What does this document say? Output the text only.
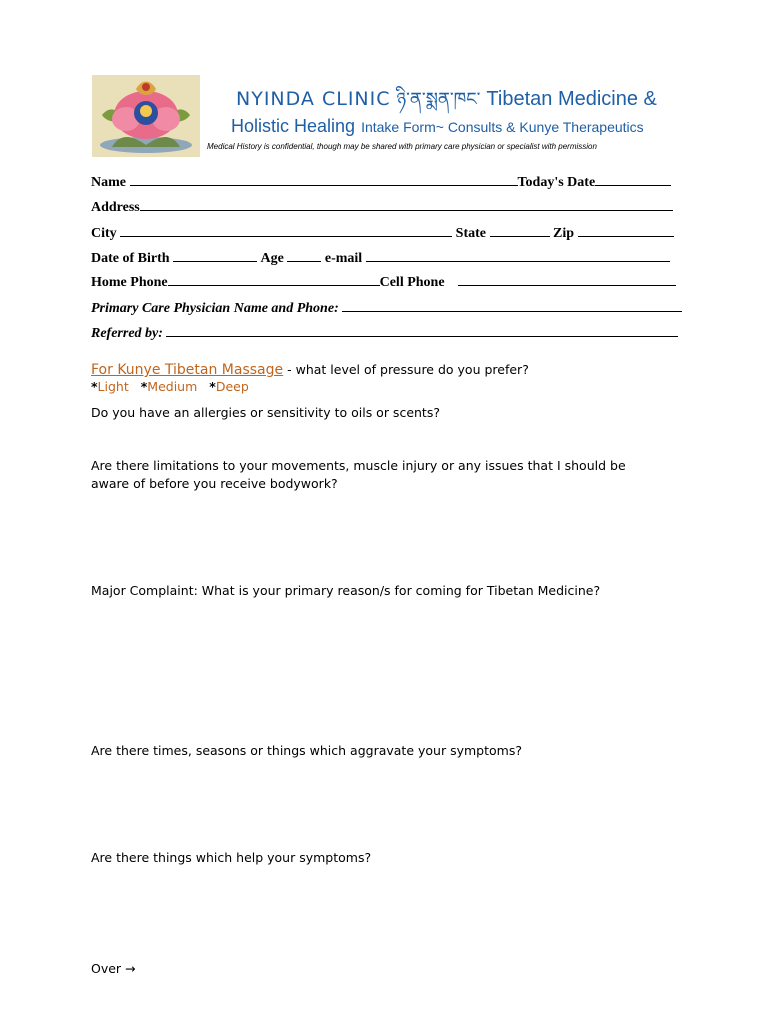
NYINDA CLINIC ཉི་ན་སྨན་ཁང་ Tibetan Medicine &
Holistic Healing Intake Form~ Consults & Kunye Therapeutics
Medical History is confidential, though may be shared with primary care physician or specialist with permission
Name	Today's Date
Address
City	State	Zip
Date of Birth	Age	e-mail
Home Phone	Cell Phone
Primary Care Physician Name and Phone:
Referred by:
For Kunye Tibetan Massage - what level of pressure do you prefer?
*Light *Medium *Deep
Do you have an allergies or sensitivity to oils or scents?
Are there limitations to your movements, muscle injury or any issues that I should be aware of before you receive bodywork?
Major Complaint: What is your primary reason/s for coming for Tibetan Medicine?
Are there times, seasons or things which aggravate your symptoms?
Are there things which help your symptoms?
Over →
